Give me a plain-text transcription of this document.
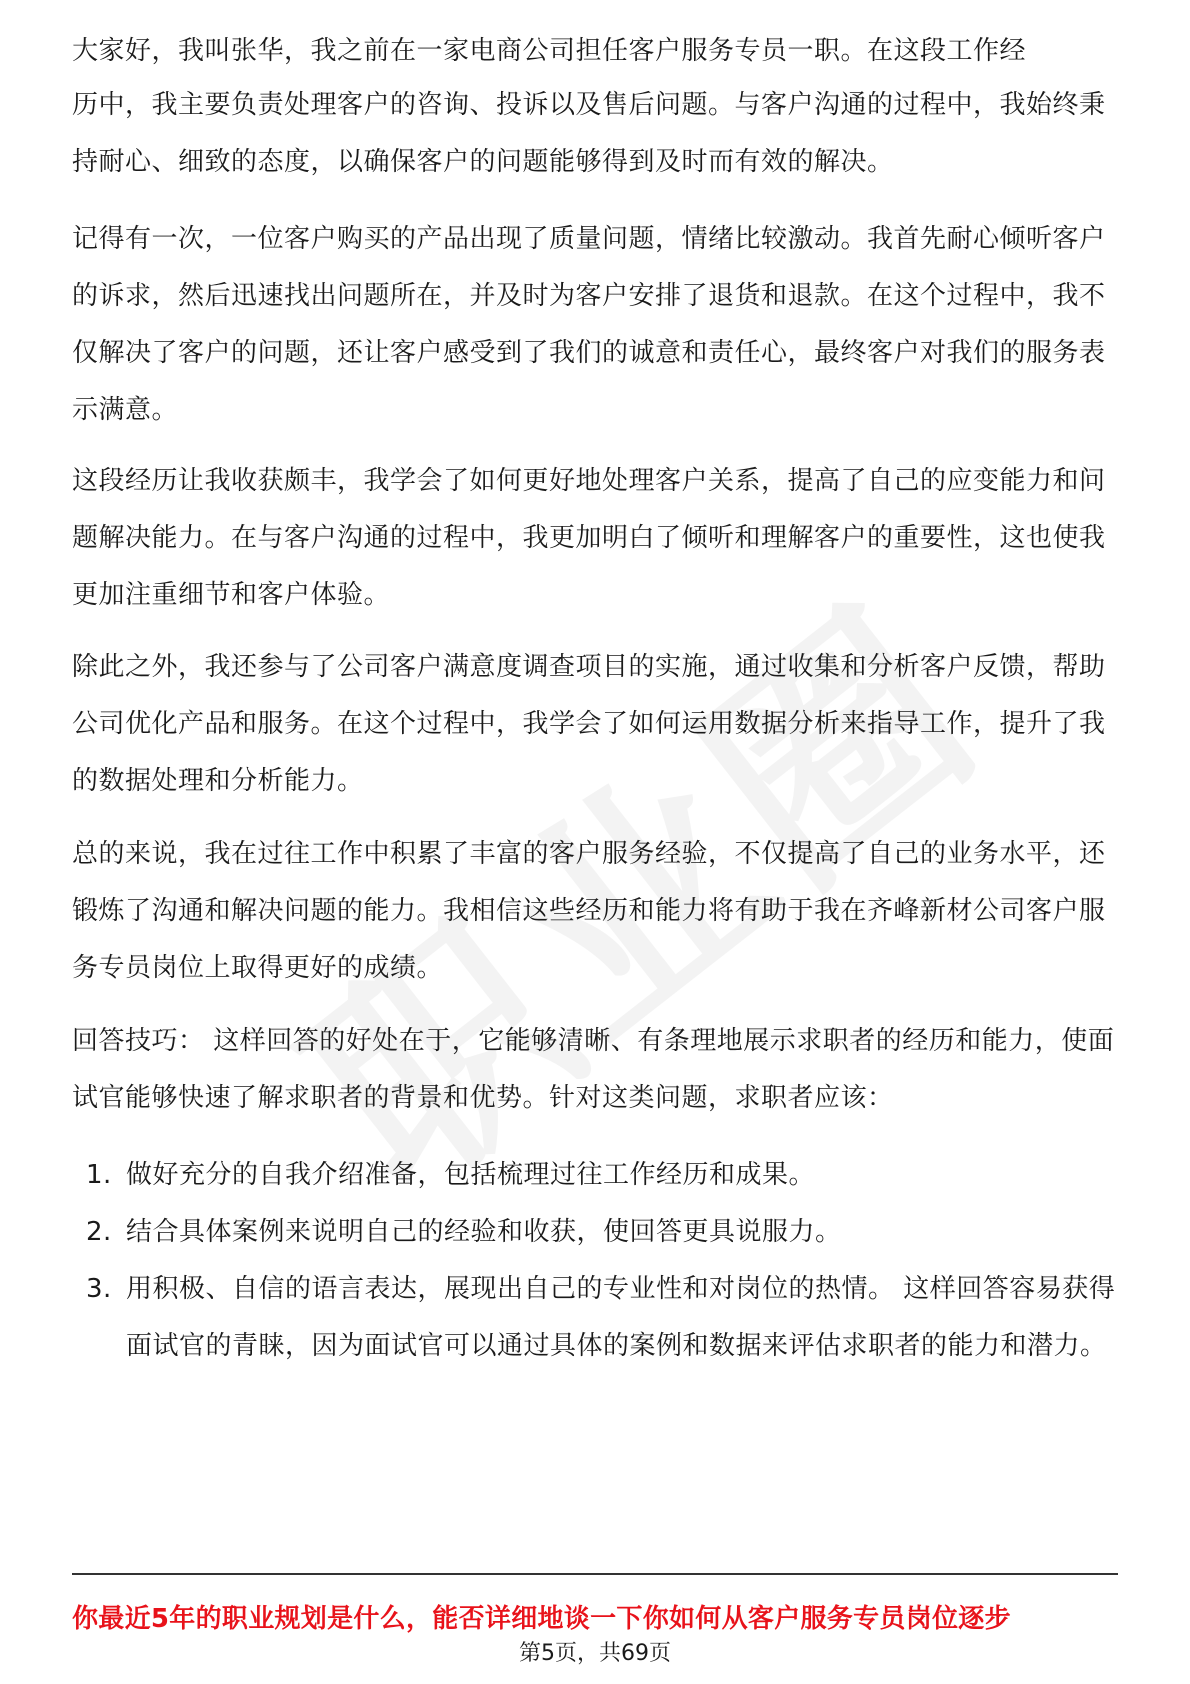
大家好，我叫张华，我之前在一家电商公司担任客户服务专员一职。在这段工作经

历中，我主要负责处理客户的咨询、投诉以及售后问题。与客户沟通的过程中，我始终秉持耐心、细致的态度，以确保客户的问题能够得到及时而有效的解决。

记得有一次，一位客户购买的产品出现了质量问题，情绪比较激动。我首先耐心倾听客户的诉求，然后迅速找出问题所在，并及时为客户安排了退货和退款。在这个过程中，我不仅解决了客户的问题，还让客户感受到了我们的诚意和责任心，最终客户对我们的服务表示满意。

这段经历让我收获颇丰，我学会了如何更好地处理客户关系，提高了自己的应变能力和问题解决能力。在与客户沟通的过程中，我更加明白了倾听和理解客户的重要性，这也使我更加注重细节和客户体验。

除此之外，我还参与了公司客户满意度调查项目的实施，通过收集和分析客户反馈，帮助公司优化产品和服务。在这个过程中，我学会了如何运用数据分析来指导工作，提升了我的数据处理和分析能力。

总的来说，我在过往工作中积累了丰富的客户服务经验，不仅提高了自己的业务水平，还锻炼了沟通和解决问题的能力。我相信这些经历和能力将有助于我在齐峰新材公司客户服务专员岗位上取得更好的成绩。

回答技巧： 这样回答的好处在于，它能够清晰、有条理地展示求职者的经历和能力，使面试官能够快速了解求职者的背景和优势。针对这类问题，求职者应该：

1. 做好充分的自我介绍准备，包括梳理过往工作经历和成果。
2. 结合具体案例来说明自己的经验和收获，使回答更具说服力。
3. 用积极、自信的语言表达，展现出自己的专业性和对岗位的热情。 这样回答容易获得面试官的青睐，因为面试官可以通过具体的案例和数据来评估求职者的能力和潜力。
你最近5年的职业规划是什么，能否详细地谈一下你如何从客户服务专员岗位逐步
第5页，共69页
